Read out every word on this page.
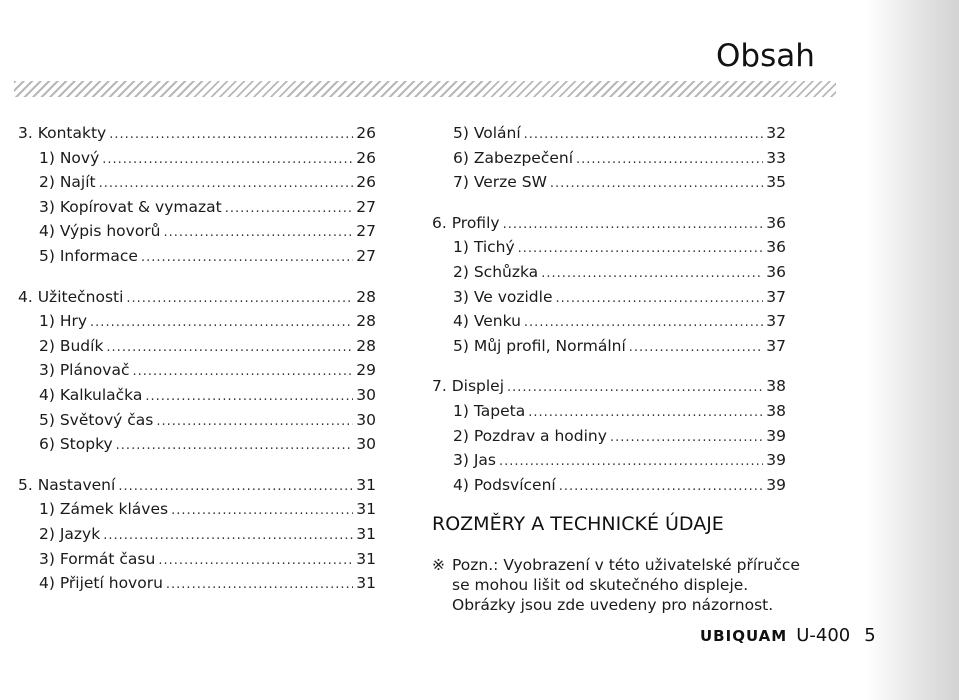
Obsah
3. Kontakty .....	26
1) Nový .....	26
2) Najít .....	26
3) Kopírovat & vymazat .....	27
4) Výpis hovorů .....	27
5) Informace .....	27
4. Užitečnosti .....	28
1) Hry .....	28
2) Budík .....	28
3) Plánovač .....	29
4) Kalkulačka .....	30
5) Světový čas .....	30
6) Stopky .....	30
5. Nastavení .....	31
1) Zámek kláves .....	31
2) Jazyk .....	31
3) Formát času .....	31
4) Přijetí hovoru .....	31
5) Volání .....	32
6) Zabezpečení .....	33
7) Verze SW .....	35
6. Profily .....	36
1) Tichý .....	36
2) Schůzka .....	36
3) Ve vozidle .....	37
4) Venku .....	37
5) Můj profil, Normální .....	37
7. Displej .....	38
1) Tapeta .....	38
2) Pozdrav a hodiny .....	39
3) Jas .....	39
4) Podsvícení .....	39
ROZMĚRY A TECHNICKÉ ÚDAJE
※ Pozn.: Vyobrazení v této uživatelské příručce
se mohou lišit od skutečného displeje.
Obrázky jsou zde uvedeny pro názornost.
UBIQUAM U-400 5
